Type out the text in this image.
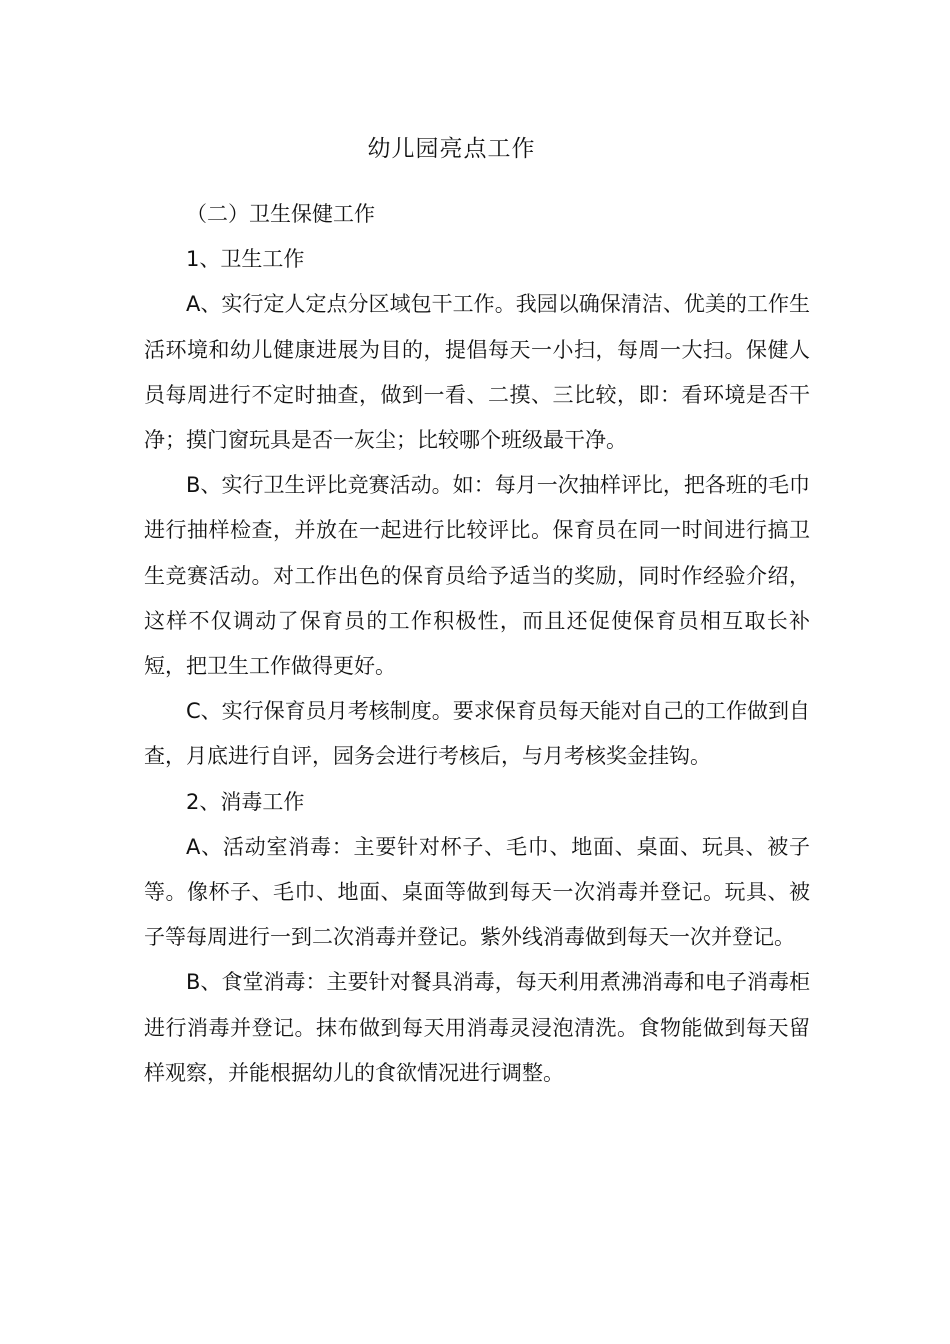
幼儿园亮点工作

（二）卫生保健工作

1、卫生工作

A、实行定人定点分区域包干工作。我园以确保清洁、优美的工作生活环境和幼儿健康进展为目的，提倡每天一小扫，每周一大扫。保健人员每周进行不定时抽查，做到一看、二摸、三比较，即：看环境是否干净；摸门窗玩具是否一灰尘；比较哪个班级最干净。

B、实行卫生评比竞赛活动。如：每月一次抽样评比，把各班的毛巾进行抽样检查，并放在一起进行比较评比。保育员在同一时间进行搞卫生竞赛活动。对工作出色的保育员给予适当的奖励，同时作经验介绍，这样不仅调动了保育员的工作积极性，而且还促使保育员相互取长补短，把卫生工作做得更好。

C、实行保育员月考核制度。要求保育员每天能对自己的工作做到自查，月底进行自评，园务会进行考核后，与月考核奖金挂钩。

2、消毒工作

A、活动室消毒：主要针对杯子、毛巾、地面、桌面、玩具、被子等。像杯子、毛巾、地面、桌面等做到每天一次消毒并登记。玩具、被子等每周进行一到二次消毒并登记。紫外线消毒做到每天一次并登记。

B、食堂消毒：主要针对餐具消毒，每天利用煮沸消毒和电子消毒柜进行消毒并登记。抹布做到每天用消毒灵浸泡清洗。食物能做到每天留样观察，并能根据幼儿的食欲情况进行调整。
